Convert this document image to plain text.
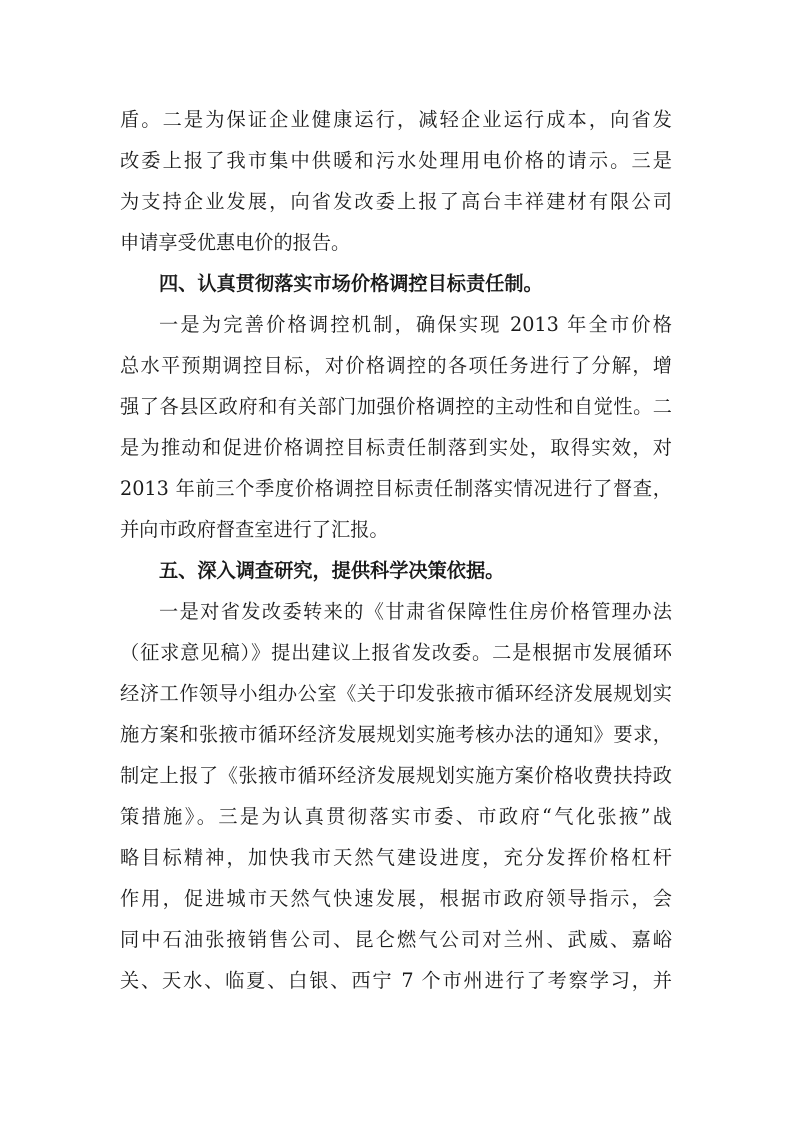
盾。二是为保证企业健康运行，减轻企业运行成本，向省发
改委上报了我市集中供暖和污水处理用电价格的请示。三是
为支持企业发展，向省发改委上报了高台丰祥建材有限公司
申请享受优惠电价的报告。
四、认真贯彻落实市场价格调控目标责任制。
一是为完善价格调控机制，确保实现 2013 年全市价格
总水平预期调控目标，对价格调控的各项任务进行了分解，增
强了各县区政府和有关部门加强价格调控的主动性和自觉性。二
是为推动和促进价格调控目标责任制落到实处，取得实效，对
2013 年前三个季度价格调控目标责任制落实情况进行了督查，
并向市政府督查室进行了汇报。
五、深入调查研究，提供科学决策依据。
一是对省发改委转来的《甘肃省保障性住房价格管理办法
（征求意见稿）》提出建议上报省发改委。二是根据市发展循环
经济工作领导小组办公室《关于印发张掖市循环经济发展规划实
施方案和张掖市循环经济发展规划实施考核办法的通知》要求，
制定上报了《张掖市循环经济发展规划实施方案价格收费扶持政
策措施》。三是为认真贯彻落实市委、市政府“气化张掖”战
略目标精神，加快我市天然气建设进度，充分发挥价格杠杆
作用，促进城市天然气快速发展，根据市政府领导指示，会
同中石油张掖销售公司、昆仑燃气公司对兰州、武威、嘉峪
关、天水、临夏、白银、西宁 7 个市州进行了考察学习，并
